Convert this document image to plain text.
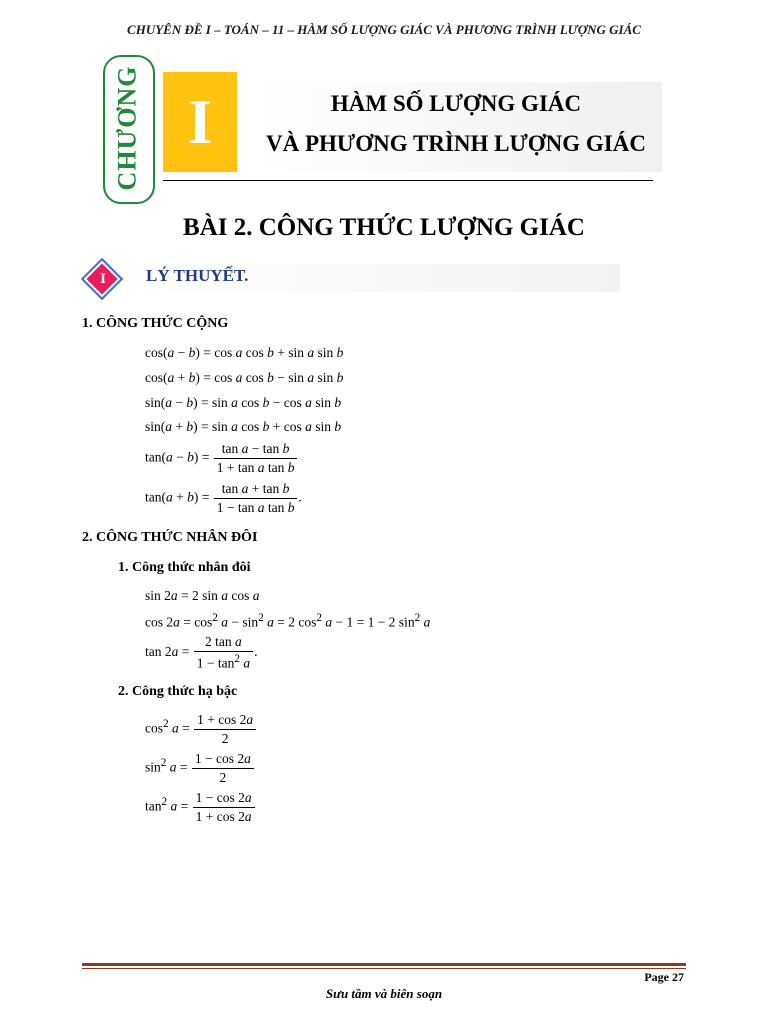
CHUYÊN ĐỀ I – TOÁN – 11 – HÀM SỐ LƯỢNG GIÁC VÀ PHƯƠNG TRÌNH LƯỢNG GIÁC
CHƯƠNG I	HÀM SỐ LƯỢNG GIÁC
VÀ PHƯƠNG TRÌNH LƯỢNG GIÁC
BÀI 2. CÔNG THỨC LƯỢNG GIÁC
I	LÝ THUYẾT.
1. CÔNG THỨC CỘNG
cos(a − b) = cos a cos b + sin a sin b
cos(a + b) = cos a cos b − sin a sin b
sin(a − b) = sin a cos b − cos a sin b
sin(a + b) = sin a cos b + cos a sin b
$\tan(a - b) = \frac{\text{tan a − tan b}}{\text{1 + tan a tan b}}$
$\tan(a + b) = \frac{\text{tan a + tan b}}{\text{1 − tan a tan b}}$ .
2. CÔNG THỨC NHÂN ĐÔI
1. Công thức nhân đôi
sin 2a = 2 sin a cos a
$\cos 2a = \cos^2 a - \sin^2 a = 2$ $\cos^2 a - 1 = 1 - 2$ $\sin^2 a$
$\tan 2a = \frac{\text{2 tan a}}{1 - \tan^2 a}$ .
2. Công thức hạ bậc
$\cos^2 a = \frac{1 + \cos 2a}{2}$
$\sin^2 a = \frac{1 - \cos 2a}{2}$
$\tan^2 a = \frac{1 - \cos 2a}{1 + \cos 2a}$
Page 27
Sưu tầm và biên soạn
